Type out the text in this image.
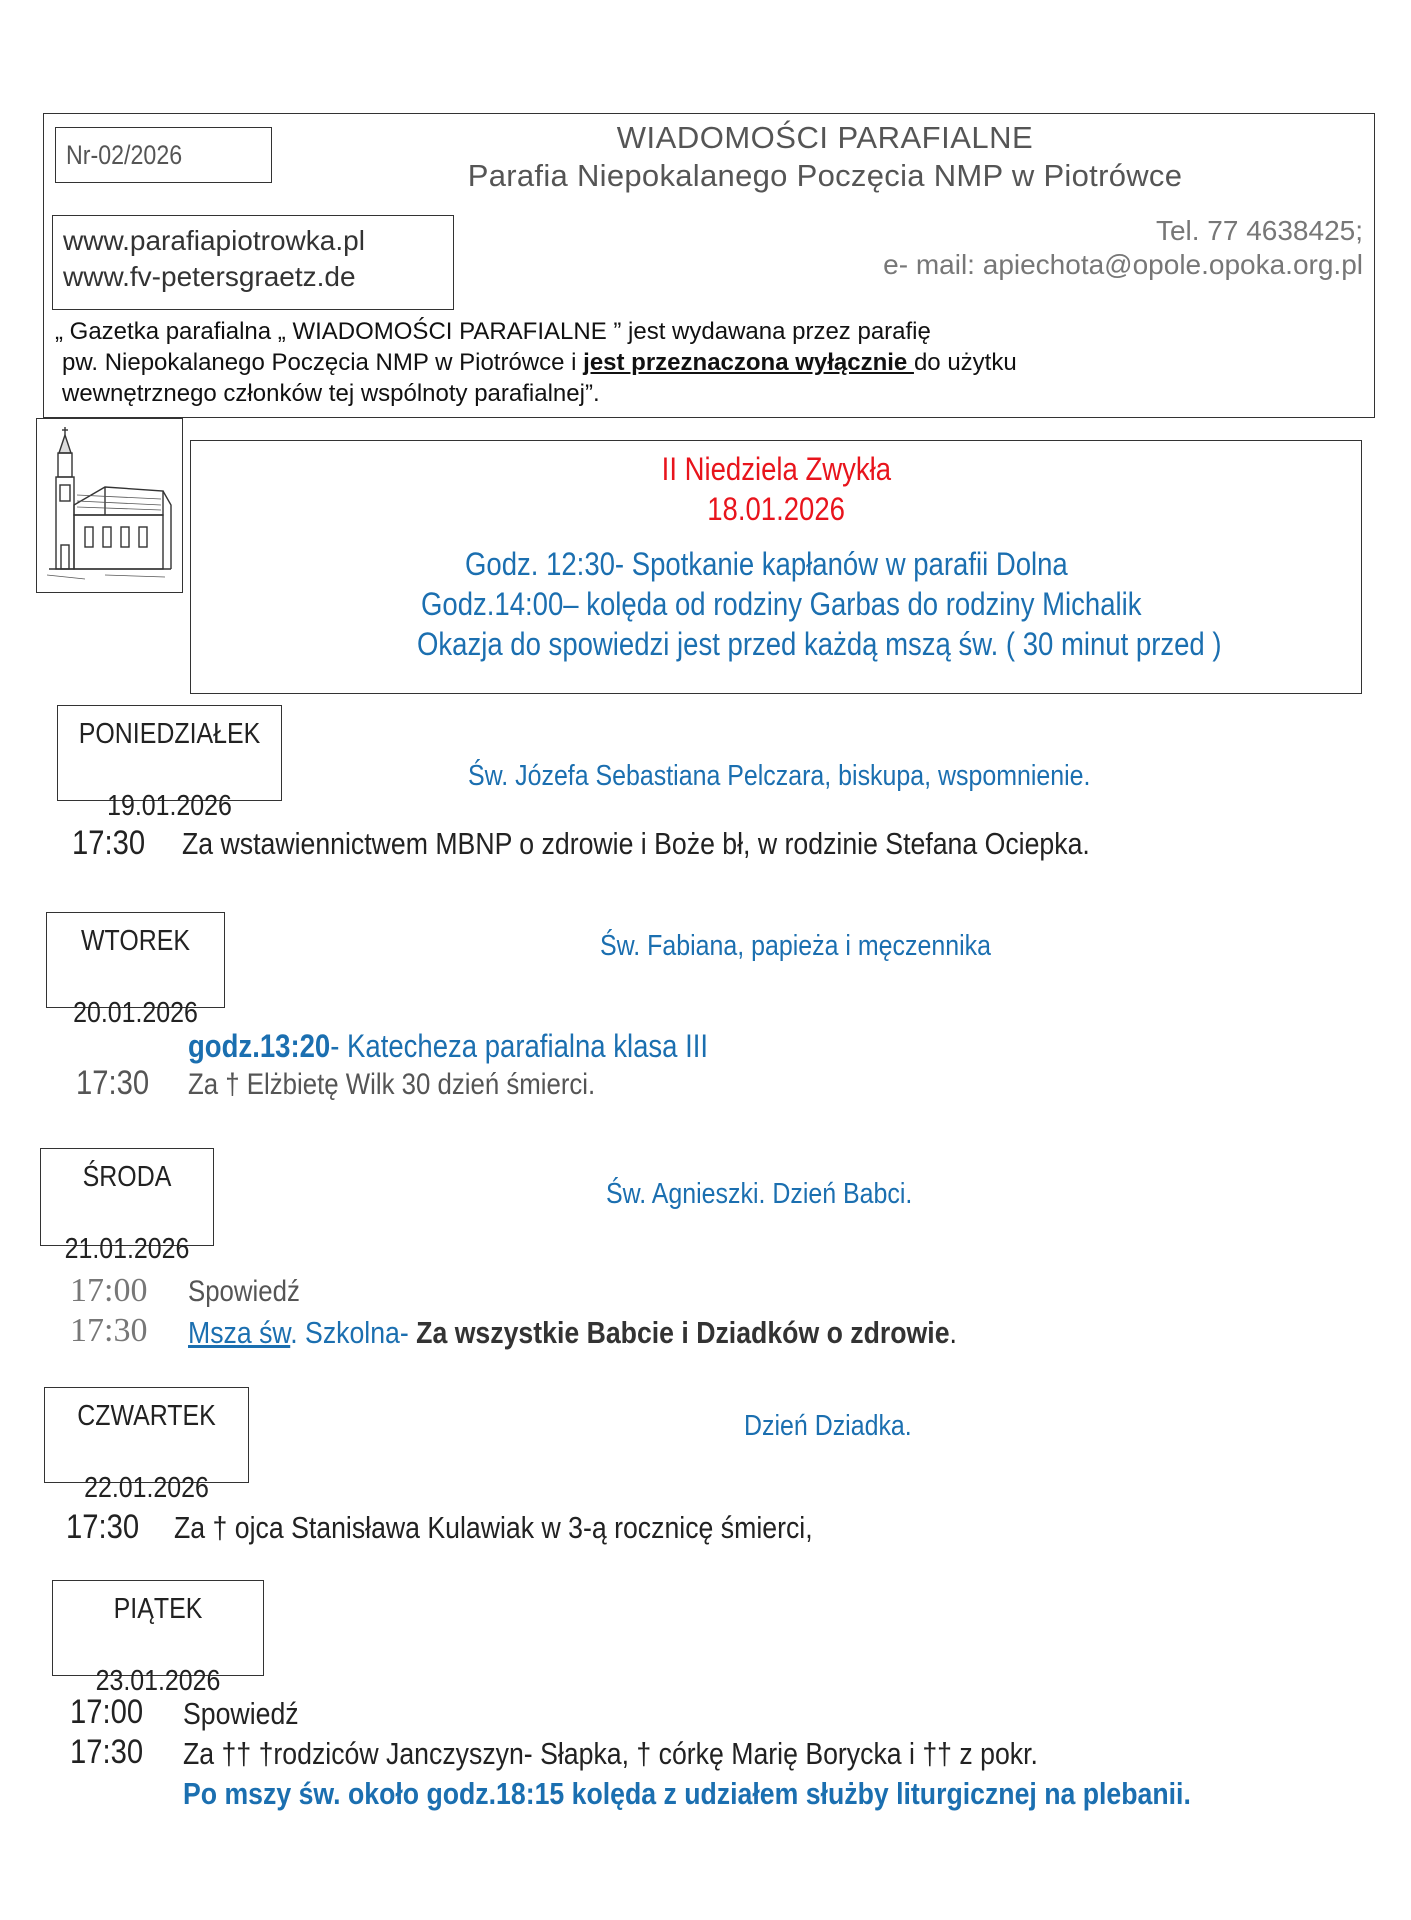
Nr-02/2026	WIADOMOŚCI PARAFIALNE
Parafia Niepokalanego Poczęcia NMP w Piotrówce
www.parafiapiotrowka.pl
www.fv-petersgraetz.de
Tel. 77 4638425;
e- mail: apiechota@opole.opoka.org.pl
„ Gazetka parafialna „ WIADOMOŚCI PARAFIALNE ” jest wydawana przez parafię
pw. Niepokalanego Poczęcia NMP w Piotrówce i jest przeznaczona wyłącznie do użytku
wewnętrznego członków tej wspólnoty parafialnej”.
II Niedziela Zwykła
18.01.2026
Godz. 12:30- Spotkanie kapłanów w parafii Dolna
Godz.14:00– kolęda od rodziny Garbas do rodziny Michalik
Okazja do spowiedzi jest przed każdą mszą św. ( 30 minut przed )
PONIEDZIAŁEK

19.01.2026
Św. Józefa Sebastiana Pelczara, biskupa, wspomnienie.
17:30	Za wstawiennictwem MBNP o zdrowie i Boże bł, w rodzinie Stefana Ociepka.
WTOREK

20.01.2026
Św. Fabiana, papieża i męczennika
godz.13:20- Katecheza parafialna klasa III
17:30	Za † Elżbietę Wilk 30 dzień śmierci.
ŚRODA

21.01.2026
Św. Agnieszki. Dzień Babci.
17:00 Spowiedź
17:30 Msza św. Szkolna- Za wszystkie Babcie i Dziadków o zdrowie.
CZWARTEK

22.01.2026
Dzień Dziadka.
17:30	Za † ojca Stanisława Kulawiak w 3-ą rocznicę śmierci,
PIĄTEK

23.01.2026
17:00	Spowiedź
17:30	Za †† †rodziców Janczyszyn- Słapka, † córkę Marię Borycka i †† z pokr.
Po mszy św. około godz.18:15 kolęda z udziałem służby liturgicznej na plebanii.
